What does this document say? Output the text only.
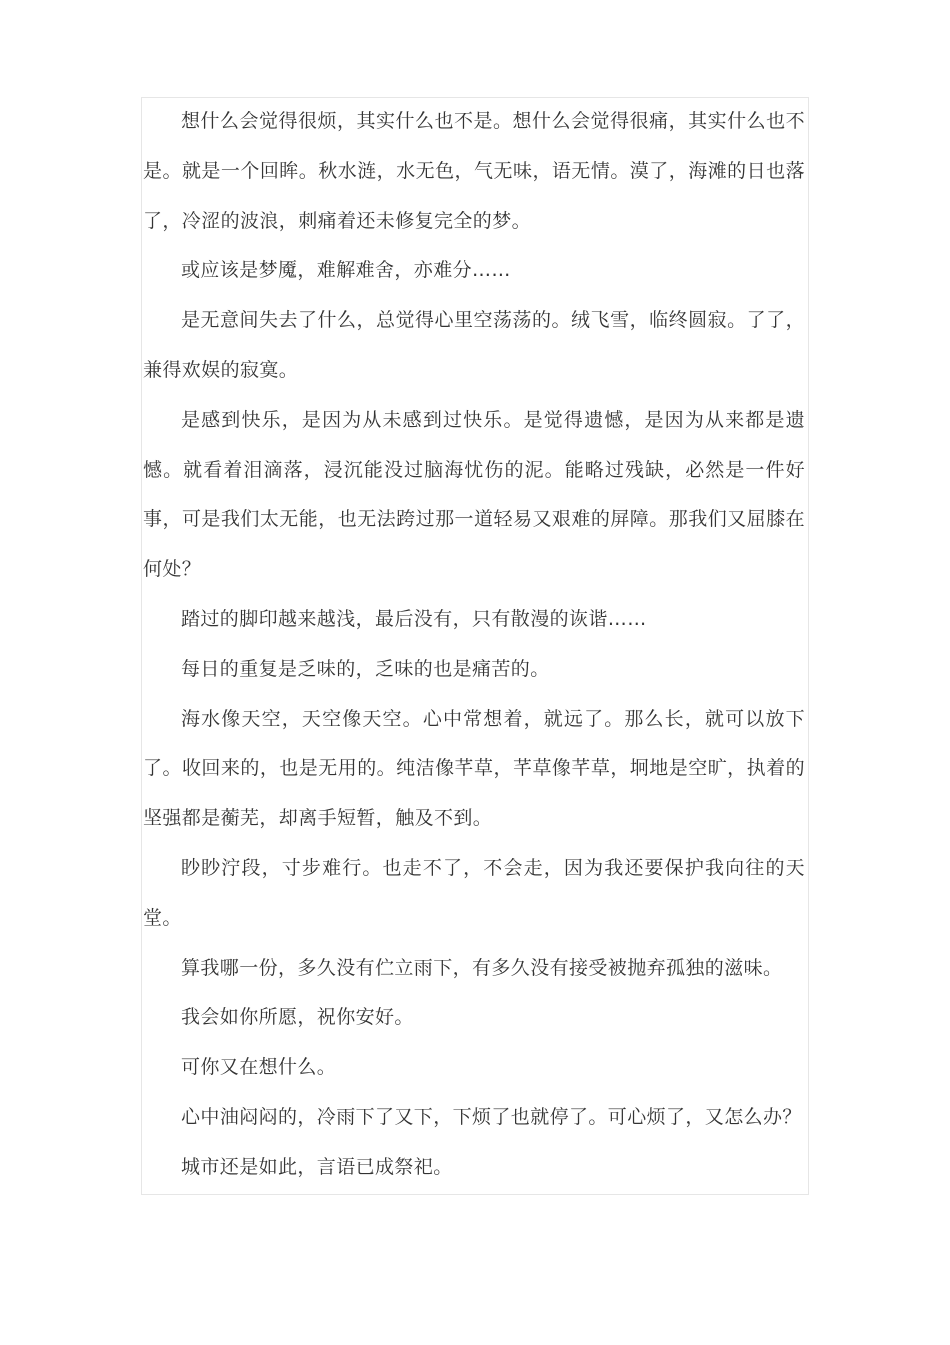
想什么会觉得很烦，其实什么也不是。想什么会觉得很痛，其实什么也不是。就是一个回眸。秋水涟，水无色，气无味，语无情。漠了，海滩的日也落了，冷涩的波浪，刺痛着还未修复完全的梦。

或应该是梦魇，难解难舍，亦难分……

是无意间失去了什么，总觉得心里空荡荡的。绒飞雪，临终圆寂。了了，兼得欢娱的寂寞。

是感到快乐，是因为从未感到过快乐。是觉得遗憾，是因为从来都是遗憾。就看着泪滴落，浸沉能没过脑海忧伤的泥。能略过残缺，必然是一件好事，可是我们太无能，也无法跨过那一道轻易又艰难的屏障。那我们又屈膝在何处？

踏过的脚印越来越浅，最后没有，只有散漫的诙谐……

每日的重复是乏味的，乏味的也是痛苦的。

海水像天空，天空像天空。心中常想着，就远了。那么长，就可以放下了。收回来的，也是无用的。纯洁像芊草，芊草像芊草，坰地是空旷，执着的坚强都是蘅芜，却离手短暂，触及不到。

眇眇泞段，寸步难行。也走不了，不会走，因为我还要保护我向往的天堂。

算我哪一份，多久没有伫立雨下，有多久没有接受被抛弃孤独的滋味。

我会如你所愿，祝你安好。

可你又在想什么。

心中油闷闷的，冷雨下了又下，下烦了也就停了。可心烦了，又怎么办？

城市还是如此，言语已成祭祀。
